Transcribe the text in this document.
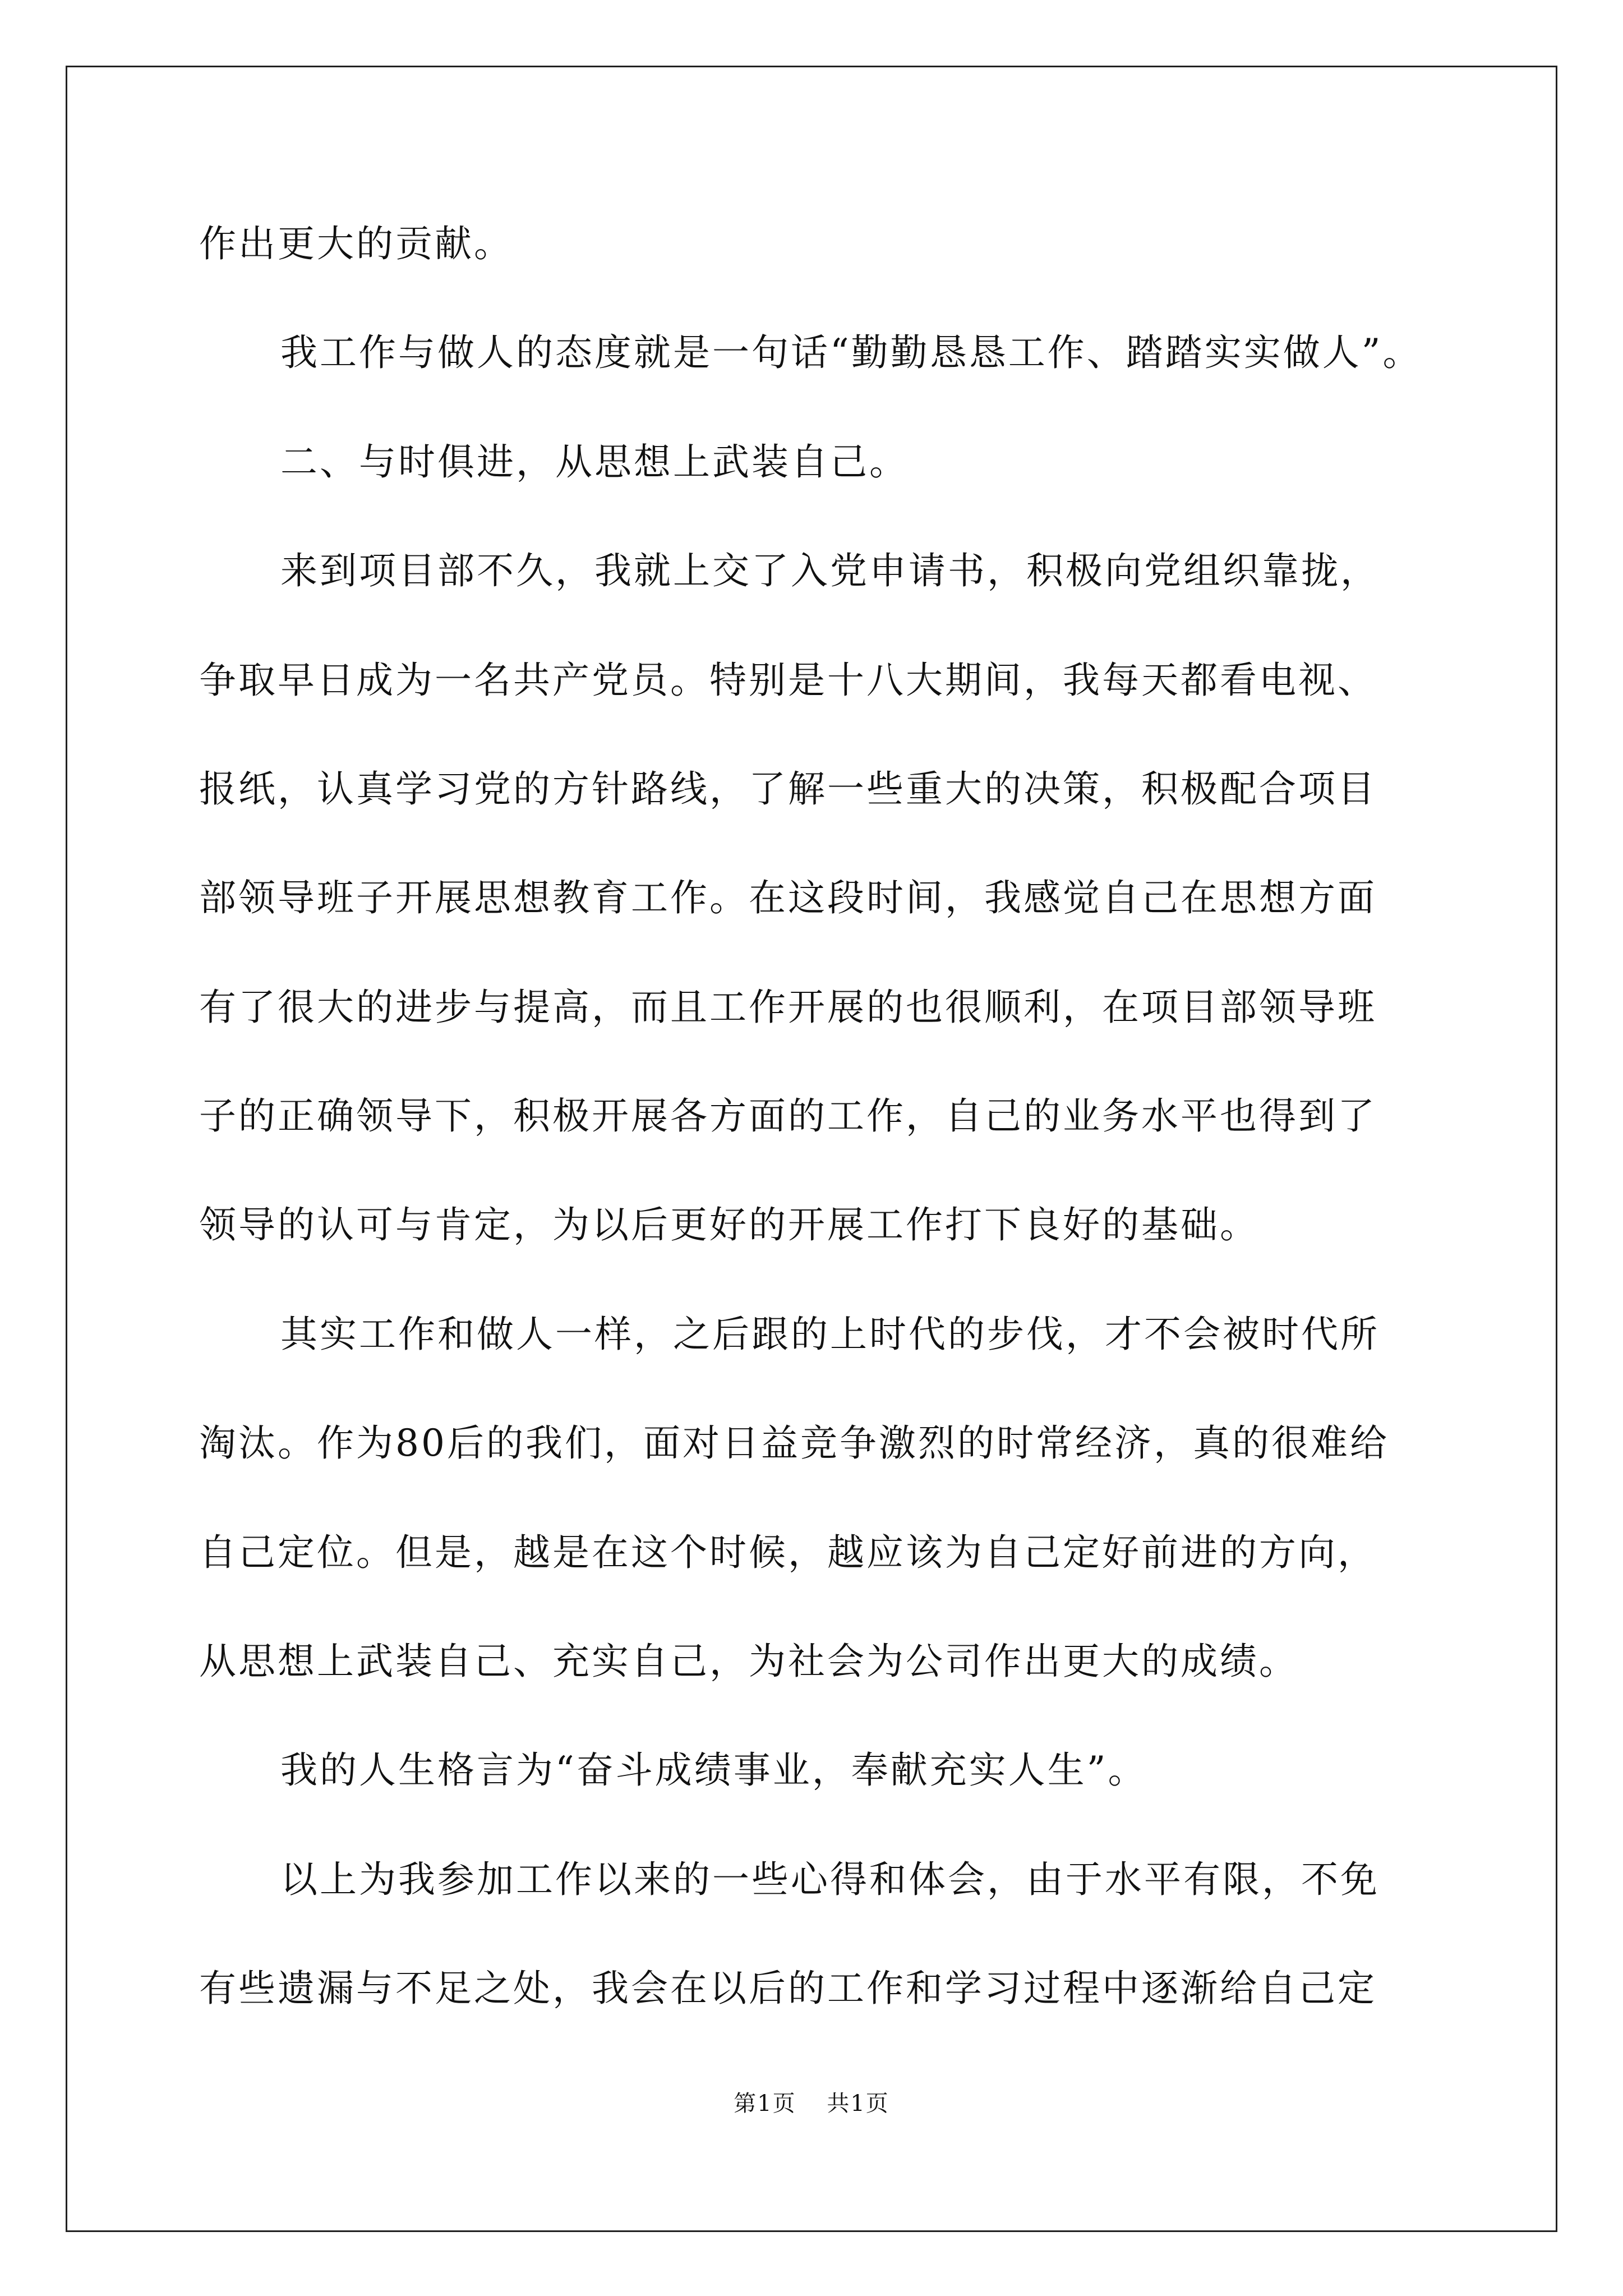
作出更大的贡献。
我工作与做人的态度就是一句话“勤勤恳恳工作、踏踏实实做人”。
二、与时俱进，从思想上武装自己。
来到项目部不久，我就上交了入党申请书，积极向党组织靠拢，
争取早日成为一名共产党员。特别是十八大期间，我每天都看电视、
报纸，认真学习党的方针路线，了解一些重大的决策，积极配合项目
部领导班子开展思想教育工作。在这段时间，我感觉自己在思想方面
有了很大的进步与提高，而且工作开展的也很顺利，在项目部领导班
子的正确领导下，积极开展各方面的工作，自己的业务水平也得到了
领导的认可与肯定，为以后更好的开展工作打下良好的基础。
其实工作和做人一样，之后跟的上时代的步伐，才不会被时代所
淘汰。作为80后的我们，面对日益竞争激烈的时常经济，真的很难给
自己定位。但是，越是在这个时候，越应该为自己定好前进的方向，
从思想上武装自己、充实自己，为社会为公司作出更大的成绩。
我的人生格言为“奋斗成绩事业，奉献充实人生”。
以上为我参加工作以来的一些心得和体会，由于水平有限，不免
有些遗漏与不足之处，我会在以后的工作和学习过程中逐渐给自己定
第1页 共1页
